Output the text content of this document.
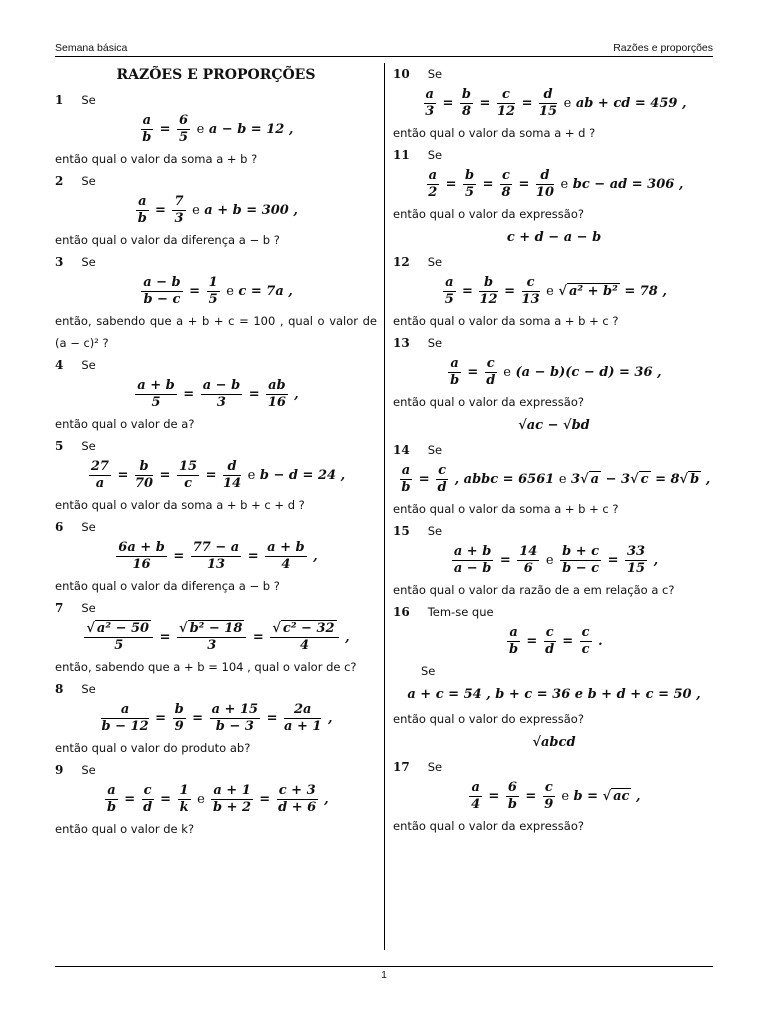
Semana básica	Razões e proporções
1
RAZÕES E PROPORÇÕES
1 Se
$\frac{a}{b} = \frac{6}{5}$ e a − b = 12 ,
então qual o valor da soma a + b ?
2 Se
$\frac{a}{b} = \frac{7}{3}$ e a + b = 300 ,
então qual o valor da diferença a − b ?
3 Se
$\frac{a - b}{b - c} = \frac{1}{5}$ e c = 7a ,
então, sabendo que a + b + c = 100 , qual o valor de (a − c)² ?
4 Se
$\frac{a + b}{5} = \frac{a - b}{3} = \frac{ab}{16}$ ,
então qual o valor de a?
5 Se
$\frac{27}{a} = \frac{b}{70} = \frac{15}{c} = \frac{d}{14}$ e b − d = 24 ,
então qual o valor da soma a + b + c + d ?
6 Se
$\frac{6a + b}{16} = \frac{77 - a}{13} = \frac{a + b}{4}$ ,
então qual o valor da diferença a − b ?
7 Se
$\frac{\text{√ a² − 50}}{5} = \frac{\text{√ b² − 18}}{3} = \frac{\text{√ c² − 32}}{4}$ ,
então, sabendo que a + b = 104 , qual o valor de c?
8 Se
$\frac{a}{b - 12} = \frac{b}{9} = \frac{a + 15}{b - 3} = \frac{2a}{a + 1}$ ,
então qual o valor do produto ab?
9 Se
$\frac{a}{b} = \frac{c}{d} = \frac{1}{k}$ e $\frac{a + 1}{b + 2} = \frac{c + 3}{d + 6}$ ,
então qual o valor de k?
10 Se
$\frac{a}{3} = \frac{b}{8} = \frac{c}{12} = \frac{d}{15}$ e ab + cd = 459 ,
então qual o valor da soma a + d ?
11 Se
$\frac{a}{2} = \frac{b}{5} = \frac{c}{8} = \frac{d}{10}$ e bc − ad = 306 ,
então qual o valor da expressão?
c + d − a − b
12 Se
$\frac{a}{5} = \frac{b}{12} = \frac{c}{13}$ e √ a² + b² = 78 ,
então qual o valor da soma a + b + c ?
13 Se
$\frac{a}{b} = \frac{c}{d}$ e (a − b)(c − d) = 36 ,
então qual o valor da expressão?
√ac − √bd
14 Se
$\frac{a}{b} = \frac{c}{d}$ , abbc = 6561 e 3√ a − 3√ c = 8√ b ,
então qual o valor da soma a + b + c ?
15 Se
$\frac{a + b}{a - b} = \frac{14}{6}$ e $\frac{b + c}{b - c} = \frac{33}{15}$ ,
então qual o valor da razão de a em relação a c?
16 Tem-se que
$\frac{a}{b} = \frac{c}{d} = \frac{c}{c}$ .
Se
a + c = 54 , b + c = 36 e b + d + c = 50 ,
então qual o valor do expressão?
√abcd
17 Se
$\frac{a}{4} = \frac{6}{b} = \frac{c}{9}$ e b = √ ac ,
então qual o valor da expressão?
